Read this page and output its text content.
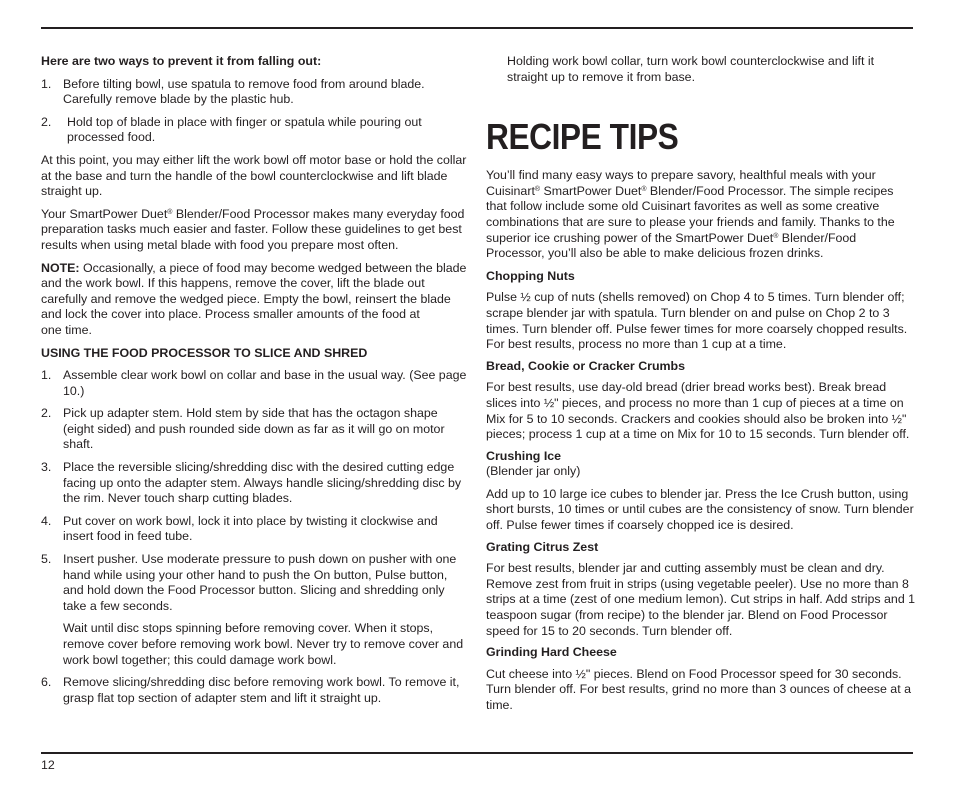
Here are two ways to prevent it from falling out:

1. Before tilting bowl, use spatula to remove food from around blade. Carefully remove blade by the plastic hub.
2. Hold top of blade in place with finger or spatula while pouring out processed food.

At this point, you may either lift the work bowl off motor base or hold the collar at the base and turn the handle of the bowl counterclockwise and lift blade straight up.

Your SmartPower Duet® Blender/Food Processor makes many everyday food preparation tasks much easier and faster. Follow these guidelines to get best results when using metal blade with food you prepare most often.

NOTE: Occasionally, a piece of food may become wedged between the blade and the work bowl. If this happens, remove the cover, lift the blade out carefully and remove the wedged piece. Empty the bowl, reinsert the blade and lock the cover into place. Process smaller amounts of the food at
one time.

USING THE FOOD PROCESSOR TO SLICE AND SHRED

1. Assemble clear work bowl on collar and base in the usual way. (See page 10.)
2. Pick up adapter stem. Hold stem by side that has the octagon shape (eight sided) and push rounded side down as far as it will go on motor shaft.
3. Place the reversible slicing/shredding disc with the desired cutting edge facing up onto the adapter stem. Always handle slicing/shredding disc by the rim. Never touch sharp cutting blades.
4. Put cover on work bowl, lock it into place by twisting it clockwise and insert food in feed tube.
5. Insert pusher. Use moderate pressure to push down on pusher with one hand while using your other hand to push the On button, Pulse button, and hold down the Food Processor button. Slicing and shredding only take a few seconds.
Wait until disc stops spinning before removing cover. When it stops, remove cover before removing work bowl. Never try to remove cover and work bowl together; this could damage work bowl.
6. Remove slicing/shredding disc before removing work bowl. To remove it, grasp flat top section of adapter stem and lift it straight up.

Holding work bowl collar, turn work bowl counterclockwise and lift it straight up to remove it from base.

RECIPE TIPS

You’ll find many easy ways to prepare savory, healthful meals with your Cuisinart® SmartPower Duet® Blender/Food Processor. The simple recipes that follow include some old Cuisinart favorites as well as some creative combinations that are sure to please your friends and family. Thanks to the superior ice crushing power of the SmartPower Duet® Blender/Food Processor, you’ll also be able to make delicious frozen drinks.

Chopping Nuts

Pulse ½ cup of nuts (shells removed) on Chop 4 to 5 times. Turn blender off; scrape blender jar with spatula. Turn blender on and pulse on Chop 2 to 3 times. Turn blender off. Pulse fewer times for more coarsely chopped results. For best results, process no more than 1 cup at a time.

Bread, Cookie or Cracker Crumbs

For best results, use day-old bread (drier bread works best). Break bread slices into ½" pieces, and process no more than 1 cup of pieces at a time on Mix for 5 to 10 seconds. Crackers and cookies should also be broken into ½" pieces; process 1 cup at a time on Mix for 10 to 15 seconds. Turn blender off.

Crushing Ice

(Blender jar only)

Add up to 10 large ice cubes to blender jar. Press the Ice Crush button, using short bursts, 10 times or until cubes are the consistency of snow. Turn blender off. Pulse fewer times if coarsely chopped ice is desired.

Grating Citrus Zest

For best results, blender jar and cutting assembly must be clean and dry. Remove zest from fruit in strips (using vegetable peeler). Use no more than 8 strips at a time (zest of one medium lemon). Cut strips in half. Add strips and 1 teaspoon sugar (from recipe) to the blender jar. Blend on Food Processor speed for 15 to 20 seconds. Turn blender off.

Grinding Hard Cheese

Cut cheese into ½" pieces. Blend on Food Processor speed for 30 seconds. Turn blender off. For best results, grind no more than 3 ounces of cheese at a time.

12
